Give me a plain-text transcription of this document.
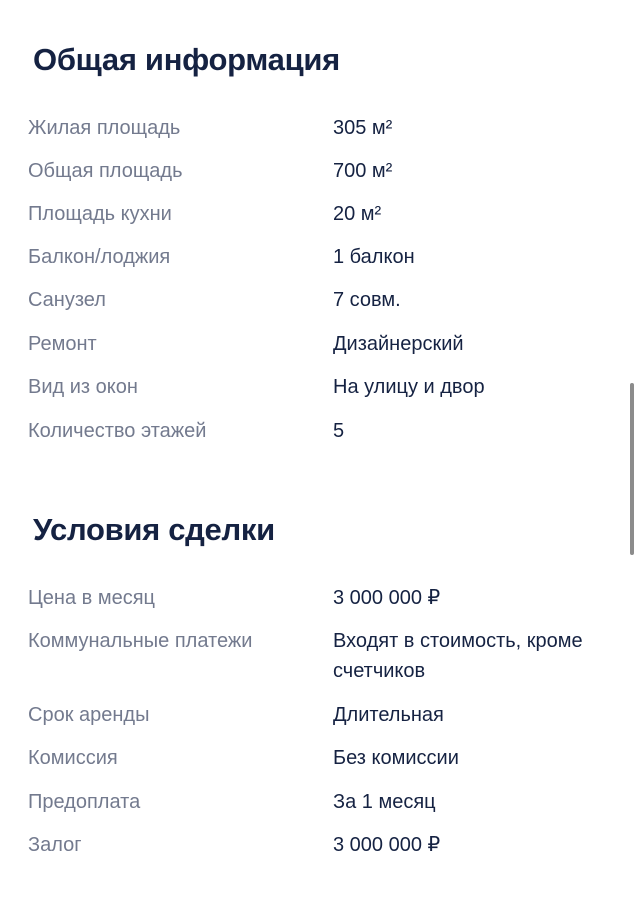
Общая информация
Жилая площадь	305 м²
Общая площадь	700 м²
Площадь кухни	20 м²
Балкон/лоджия	1 балкон
Санузел	7 совм.
Ремонт	Дизайнерский
Вид из окон	На улицу и двор
Количество этажей	5
Условия сделки
Цена в месяц	3 000 000 ₽
Коммунальные платежи	Входят в стоимость, кроме счетчиков
Срок аренды	Длительная
Комиссия	Без комиссии
Предоплата	За 1 месяц
Залог	3 000 000 ₽
